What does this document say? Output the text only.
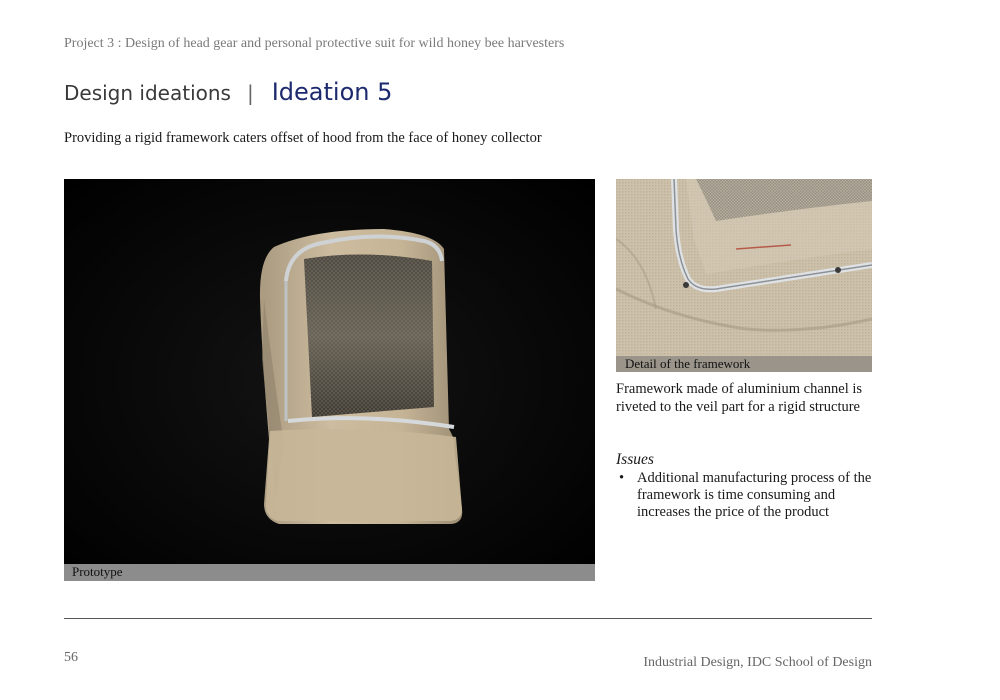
Project 3 : Design of head gear and personal protective suit for wild honey bee harvesters
Design ideations | Ideation 5
Providing a rigid framework caters offset of hood from the face of honey collector
Prototype
Detail of the framework
Framework made of aluminium channel is riveted to the veil part for a rigid structure
Issues
• Additional manufacturing process of the framework is time consuming and increases the price of the product
56	Industrial Design, IDC School of Design
